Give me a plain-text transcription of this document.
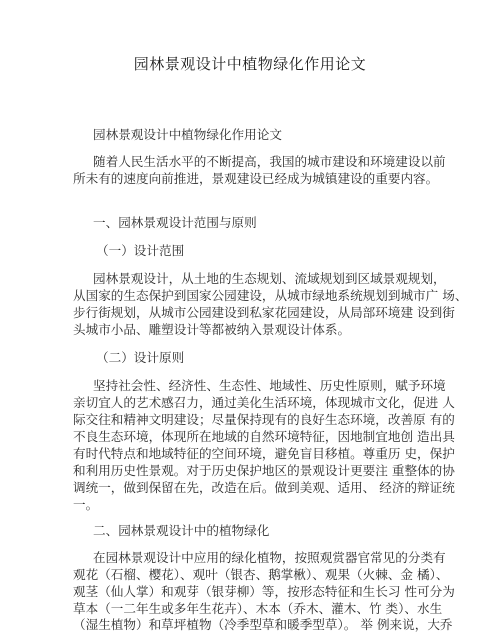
园林景观设计中植物绿化作用论文
园林景观设计中植物绿化作用论文
随着人民生活水平的不断提高，我国的城市建设和环境建设以前
所未有的速度向前推进，景观建设已经成为城镇建设的重要内容。
一、园林景观设计范围与原则
（一）设计范围
园林景观设计，从土地的生态规划、流域规划到区域景观规划，
从国家的生态保护到国家公园建设，从城市绿地系统规划到城市广 场、
步行街规划，从城市公园建设到私家花园建设，从局部环境建 设到街
头城市小品、雕塑设计等都被纳入景观设计体系。
（二）设计原则
坚持社会性、经济性、生态性、地域性、历史性原则，赋予环境
亲切宜人的艺术感召力，通过美化生活环境，体现城市文化，促进 人
际交往和精神文明建设；尽量保持现有的良好生态环境，改善原 有的
不良生态环境，体现所在地域的自然环境特征，因地制宜地创 造出具
有时代特点和地域特征的空间环境，避免盲目移植。尊重历 史，保护
和利用历史性景观。对于历史保护地区的景观设计更要注 重整体的协
调统一，做到保留在先，改造在后。做到美观、适用、 经济的辩证统
一。
二、园林景观设计中的植物绿化
在园林景观设计中应用的绿化植物，按照观赏器官常见的分类有
观花（石榴、樱花）、观叶（银杏、鹅掌楸）、观果（火棘、金 橘）、
观茎（仙人掌）和观芽（银芽柳）等，按形态特征和生长习 性可分为
草本（一二年生或多年生花卉）、木本（乔木、灌木、竹 类）、水生
（湿生植物）和草坪植物（冷季型草和暖季型草）。 举 例来说，大乔
